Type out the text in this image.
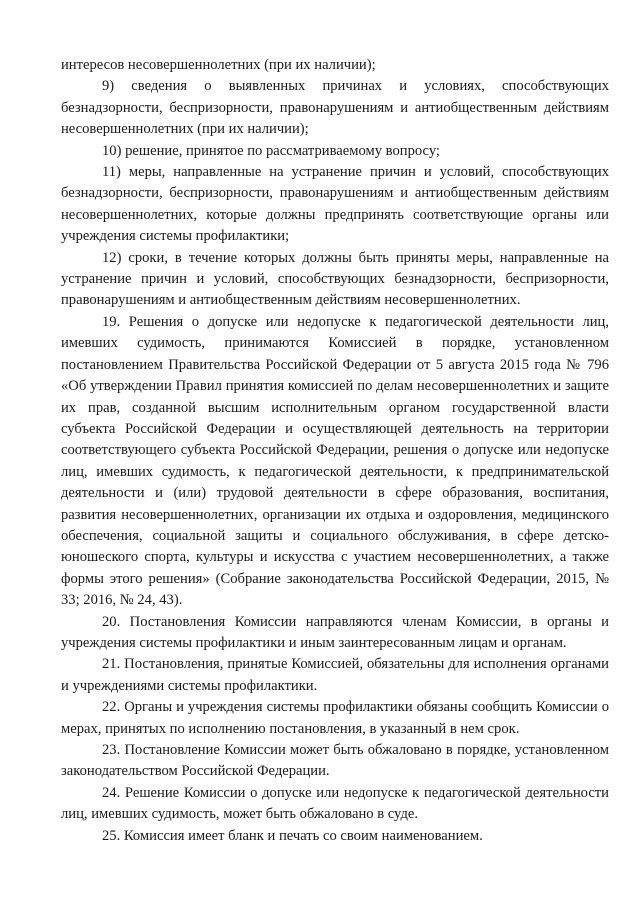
интересов несовершеннолетних (при их наличии);

9) сведения о выявленных причинах и условиях, способствующих безнадзорности, беспризорности, правонарушениям и антиобщественным действиям несовершеннолетних (при их наличии);

10) решение, принятое по рассматриваемому вопросу;

11) меры, направленные на устранение причин и условий, способствующих безнадзорности, беспризорности, правонарушениям и антиобщественным действиям несовершеннолетних, которые должны предпринять соответствующие органы или учреждения системы профилактики;

12) сроки, в течение которых должны быть приняты меры, направленные на устранение причин и условий, способствующих безнадзорности, беспризорности, правонарушениям и антиобщественным действиям несовершеннолетних.

19. Решения о допуске или недопуске к педагогической деятельности лиц, имевших судимость, принимаются Комиссией в порядке, установленном постановлением Правительства Российской Федерации от 5 августа 2015 года № 796 «Об утверждении Правил принятия комиссией по делам несовершеннолетних и защите их прав, созданной высшим исполнительным органом государственной власти субъекта Российской Федерации и осуществляющей деятельность на территории соответствующего субъекта Российской Федерации, решения о допуске или недопуске лиц, имевших судимость, к педагогической деятельности, к предпринимательской деятельности и (или) трудовой деятельности в сфере образования, воспитания, развития несовершеннолетних, организации их отдыха и оздоровления, медицинского обеспечения, социальной защиты и социального обслуживания, в сфере детско-юношеского спорта, культуры и искусства с участием несовершеннолетних, а также формы этого решения» (Собрание законодательства Российской Федерации, 2015, № 33; 2016, № 24, 43).

20. Постановления Комиссии направляются членам Комиссии, в органы и учреждения системы профилактики и иным заинтересованным лицам и органам.

21. Постановления, принятые Комиссией, обязательны для исполнения органами и учреждениями системы профилактики.

22. Органы и учреждения системы профилактики обязаны сообщить Комиссии о мерах, принятых по исполнению постановления, в указанный в нем срок.

23. Постановление Комиссии может быть обжаловано в порядке, установленном законодательством Российской Федерации.

24. Решение Комиссии о допуске или недопуске к педагогической деятельности лиц, имевших судимость, может быть обжаловано в суде.

25. Комиссия имеет бланк и печать со своим наименованием.
